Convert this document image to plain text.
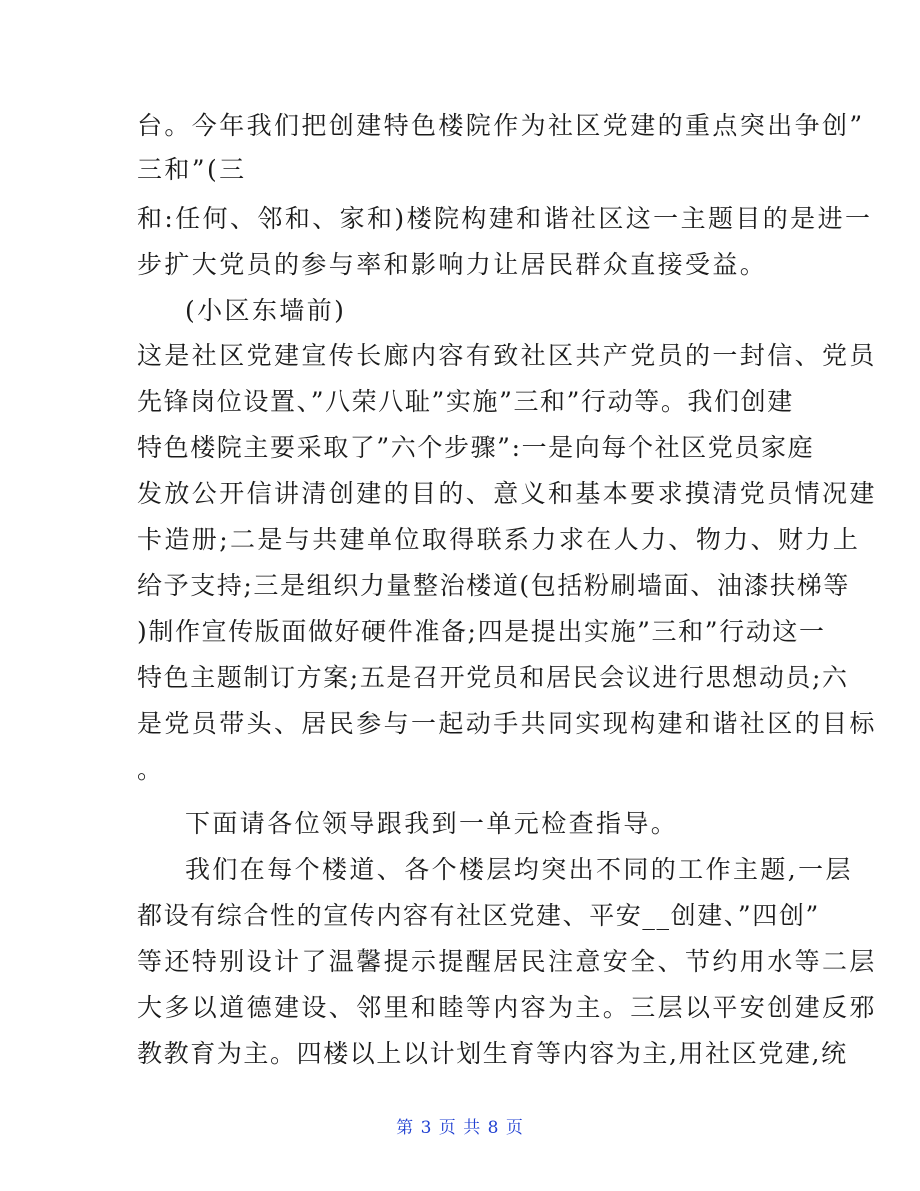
台。今年我们把创建特色楼院作为社区党建的重点突出争创”
三和”(三
和:任何、邻和、家和)楼院构建和谐社区这一主题目的是进一
步扩大党员的参与率和影响力让居民群众直接受益。
(小区东墙前)
这是社区党建宣传长廊内容有致社区共产党员的一封信、党员
先锋岗位设置、”八荣八耻”实施”三和”行动等。我们创建
特色楼院主要采取了”六个步骤”:一是向每个社区党员家庭
发放公开信讲清创建的目的、意义和基本要求摸清党员情况建
卡造册;二是与共建单位取得联系力求在人力、物力、财力上
给予支持;三是组织力量整治楼道(包括粉刷墙面、油漆扶梯等
)制作宣传版面做好硬件准备;四是提出实施”三和”行动这一
特色主题制订方案;五是召开党员和居民会议进行思想动员;六
是党员带头、居民参与一起动手共同实现构建和谐社区的目标
。
下面请各位领导跟我到一单元检查指导。
我们在每个楼道、各个楼层均突出不同的工作主题,一层
都设有综合性的宣传内容有社区党建、平安__创建、”四创”
等还特别设计了温馨提示提醒居民注意安全、节约用水等二层
大多以道德建设、邻里和睦等内容为主。三层以平安创建反邪
教教育为主。四楼以上以计划生育等内容为主,用社区党建,统
第 3 页 共 8 页
